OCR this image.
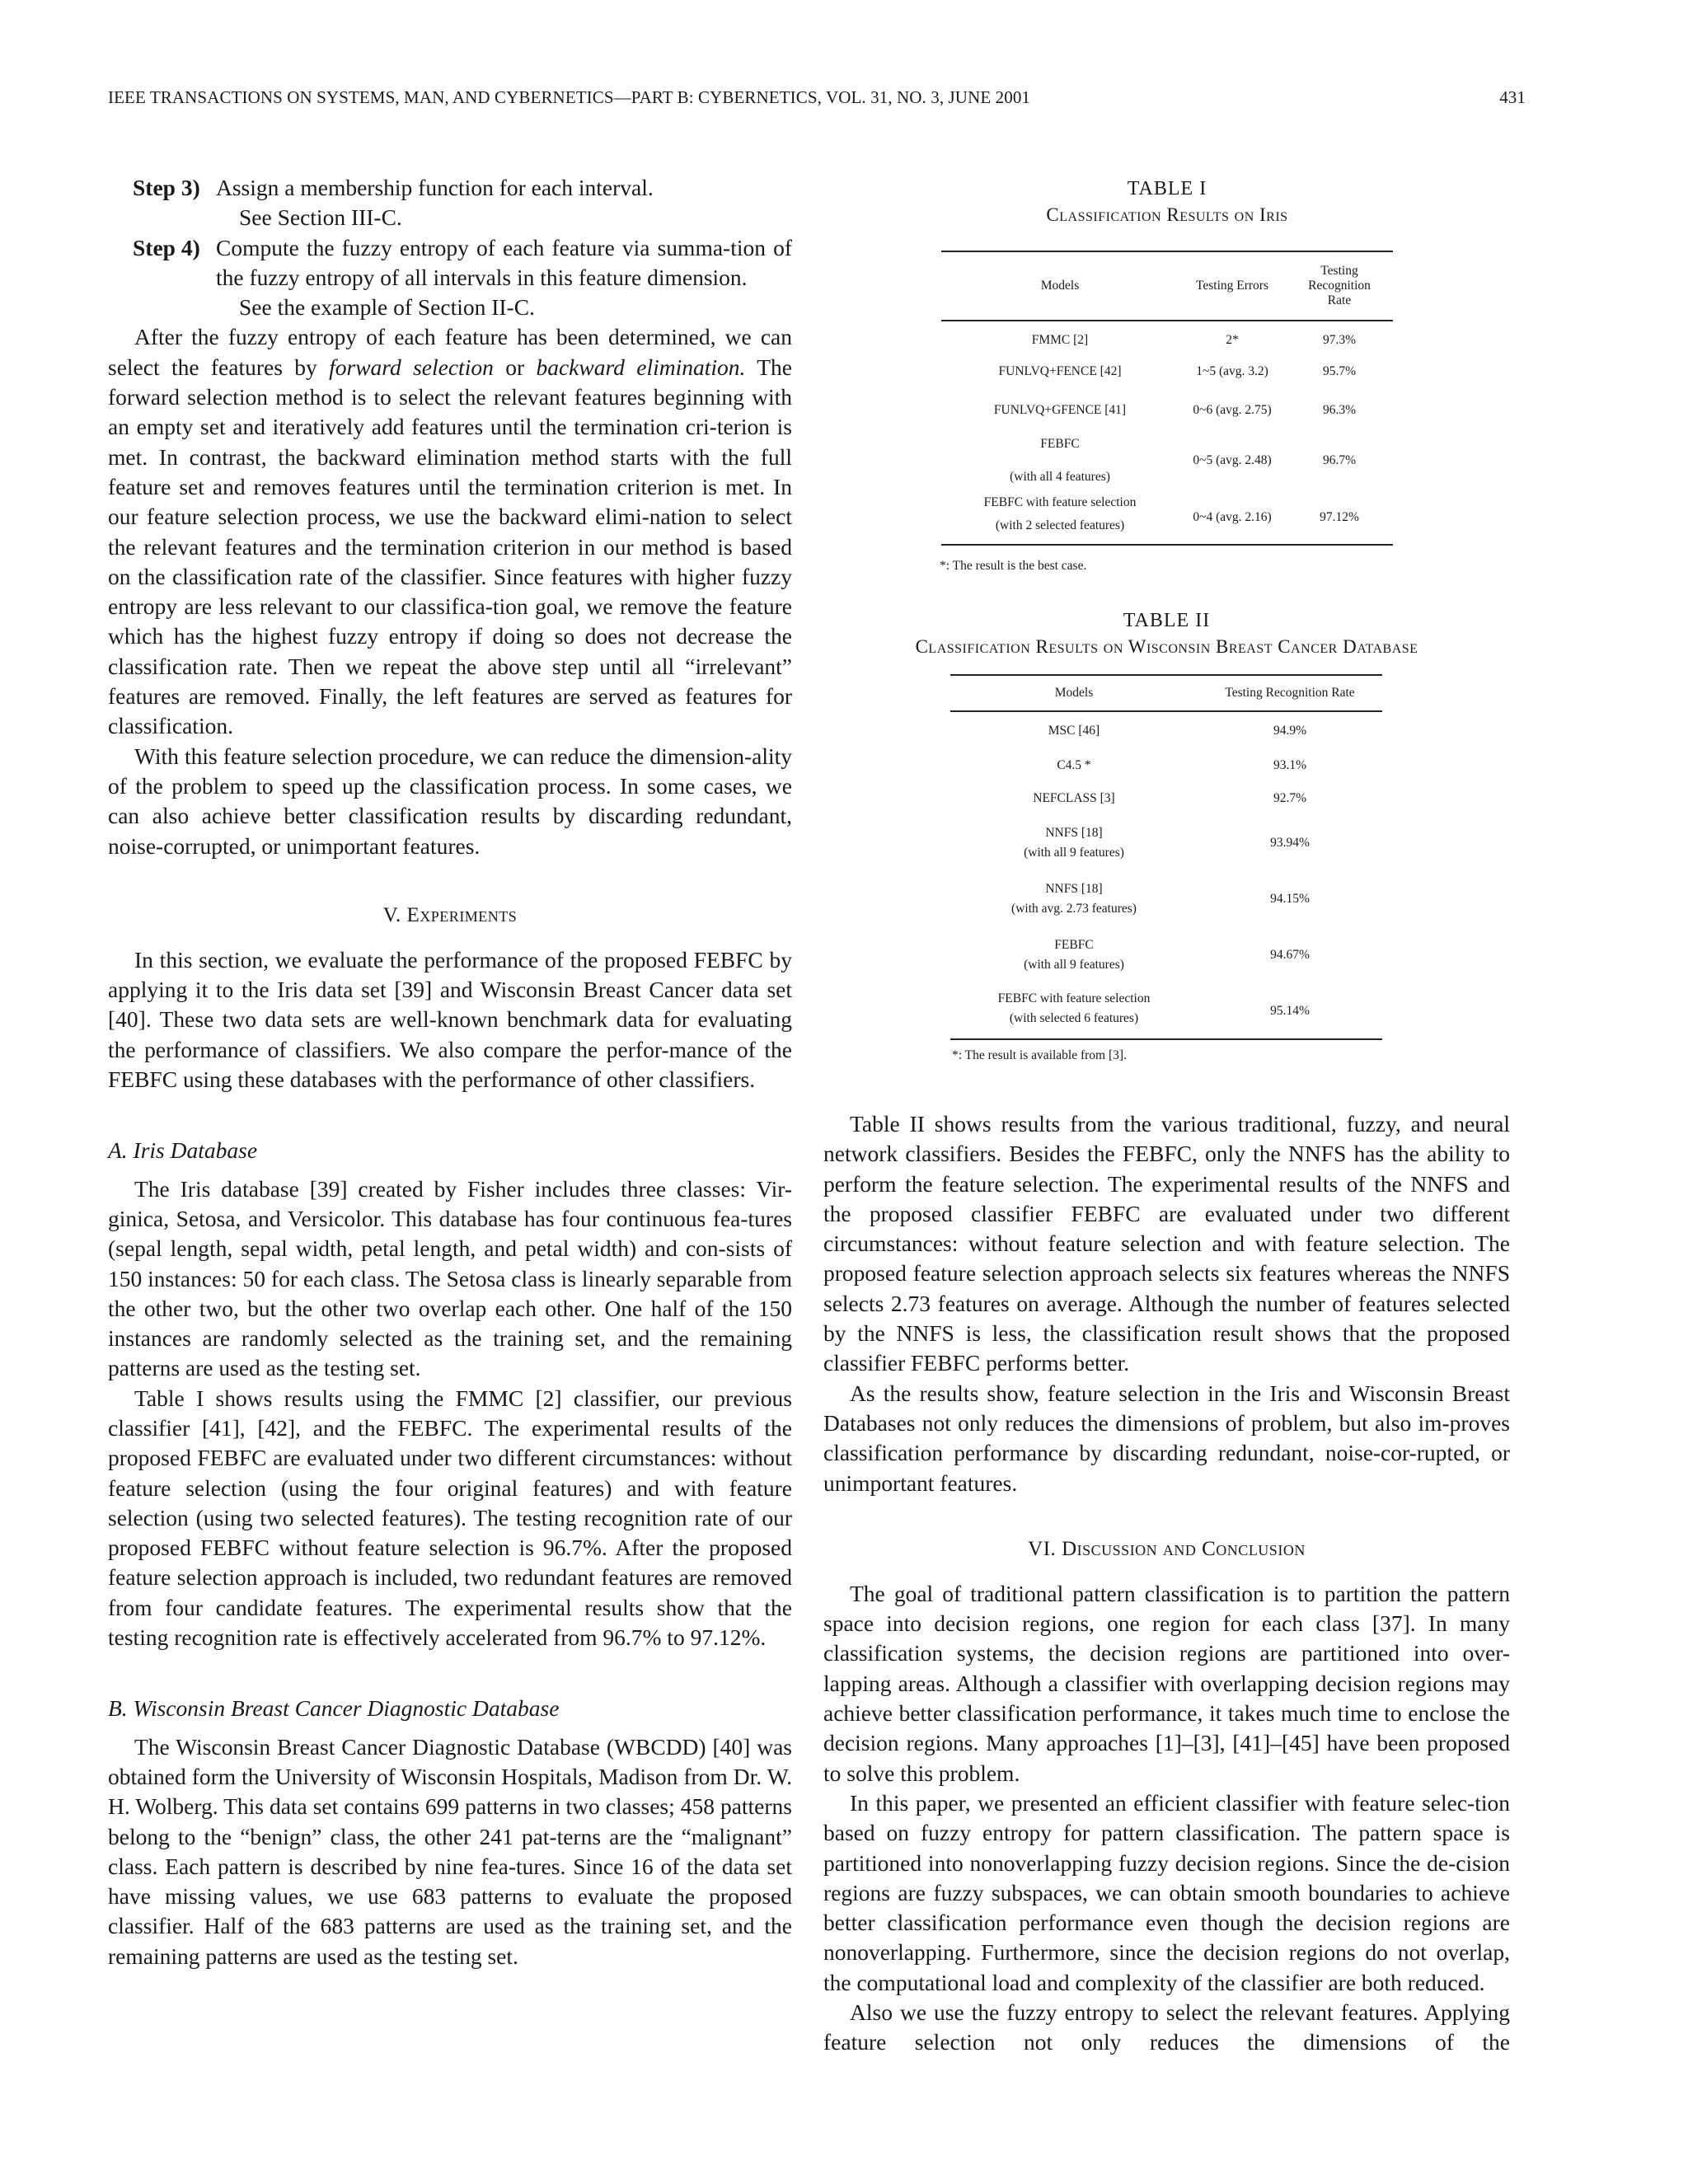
IEEE TRANSACTIONS ON SYSTEMS, MAN, AND CYBERNETICS—PART B: CYBERNETICS, VOL. 31, NO. 3, JUNE 2001	431
Step 3) Assign a membership function for each interval.
See Section III-C.
Step 4) Compute the fuzzy entropy of each feature via summa-tion of the fuzzy entropy of all intervals in this feature dimension.
See the example of Section II-C.

After the fuzzy entropy of each feature has been determined, we can select the features by forward selection or backward elimination. The forward selection method is to select the relevant features beginning with an empty set and iteratively add features until the termination cri-terion is met. In contrast, the backward elimination method starts with the full feature set and removes features until the termination criterion is met. In our feature selection process, we use the backward elimi-nation to select the relevant features and the termination criterion in our method is based on the classification rate of the classifier. Since features with higher fuzzy entropy are less relevant to our classifica-tion goal, we remove the feature which has the highest fuzzy entropy if doing so does not decrease the classification rate. Then we repeat the above step until all “irrelevant” features are removed. Finally, the left features are served as features for classification.

With this feature selection procedure, we can reduce the dimension-ality of the problem to speed up the classification process. In some cases, we can also achieve better classification results by discarding redundant, noise-corrupted, or unimportant features.

V. Experiments

In this section, we evaluate the performance of the proposed FEBFC by applying it to the Iris data set [39] and Wisconsin Breast Cancer data set [40]. These two data sets are well-known benchmark data for evaluating the performance of classifiers. We also compare the perfor-mance of the FEBFC using these databases with the performance of other classifiers.

A. Iris Database

The Iris database [39] created by Fisher includes three classes: Vir-ginica, Setosa, and Versicolor. This database has four continuous fea-tures (sepal length, sepal width, petal length, and petal width) and con-sists of 150 instances: 50 for each class. The Setosa class is linearly separable from the other two, but the other two overlap each other. One half of the 150 instances are randomly selected as the training set, and the remaining patterns are used as the testing set.

Table I shows results using the FMMC [2] classifier, our previous classifier [41], [42], and the FEBFC. The experimental results of the proposed FEBFC are evaluated under two different circumstances: without feature selection (using the four original features) and with feature selection (using two selected features). The testing recognition rate of our proposed FEBFC without feature selection is 96.7%. After the proposed feature selection approach is included, two redundant features are removed from four candidate features. The experimental results show that the testing recognition rate is effectively accelerated from 96.7% to 97.12%.

B. Wisconsin Breast Cancer Diagnostic Database

The Wisconsin Breast Cancer Diagnostic Database (WBCDD) [40] was obtained form the University of Wisconsin Hospitals, Madison from Dr. W. H. Wolberg. This data set contains 699 patterns in two classes; 458 patterns belong to the “benign” class, the other 241 pat-terns are the “malignant” class. Each pattern is described by nine fea-tures. Since 16 of the data set have missing values, we use 683 patterns to evaluate the proposed classifier. Half of the 683 patterns are used as the training set, and the remaining patterns are used as the testing set.

TABLE I
Classification Results on Iris
Models	Testing Errors	Testing Recognition Rate
FMMC [2]	2*	97.3%
FUNLVQ+FENCE [42]	1~5 (avg. 3.2)	95.7%
FUNLVQ+GFENCE [41]	0~6 (avg. 2.75)	96.3%
FEBFC
(with all 4 features)	0~5 (avg. 2.48)	96.7%
FEBFC with feature selection
(with 2 selected features)	0~4 (avg. 2.16)	97.12%
*: The result is the best case.
TABLE II
Classification Results on Wisconsin Breast Cancer Database
Models	Testing Recognition Rate
MSC [46]	94.9%
C4.5 *	93.1%
NEFCLASS [3]	92.7%
NNFS [18]
(with all 9 features)	93.94%
NNFS [18]
(with avg. 2.73 features)	94.15%
FEBFC
(with all 9 features)	94.67%
FEBFC with feature selection
(with selected 6 features)	95.14%
*: The result is available from [3].

Table II shows results from the various traditional, fuzzy, and neural network classifiers. Besides the FEBFC, only the NNFS has the ability to perform the feature selection. The experimental results of the NNFS and the proposed classifier FEBFC are evaluated under two different circumstances: without feature selection and with feature selection. The proposed feature selection approach selects six features whereas the NNFS selects 2.73 features on average. Although the number of features selected by the NNFS is less, the classification result shows that the proposed classifier FEBFC performs better.

As the results show, feature selection in the Iris and Wisconsin Breast Databases not only reduces the dimensions of problem, but also im-proves classification performance by discarding redundant, noise-cor-rupted, or unimportant features.

VI. Discussion and Conclusion

The goal of traditional pattern classification is to partition the pattern space into decision regions, one region for each class [37]. In many classification systems, the decision regions are partitioned into over-lapping areas. Although a classifier with overlapping decision regions may achieve better classification performance, it takes much time to enclose the decision regions. Many approaches [1]–[3], [41]–[45] have been proposed to solve this problem.

In this paper, we presented an efficient classifier with feature selec-tion based on fuzzy entropy for pattern classification. The pattern space is partitioned into nonoverlapping fuzzy decision regions. Since the de-cision regions are fuzzy subspaces, we can obtain smooth boundaries to achieve better classification performance even though the decision regions are nonoverlapping. Furthermore, since the decision regions do not overlap, the computational load and complexity of the classifier are both reduced.

Also we use the fuzzy entropy to select the relevant features. Applying feature selection not only reduces the dimensions of the
